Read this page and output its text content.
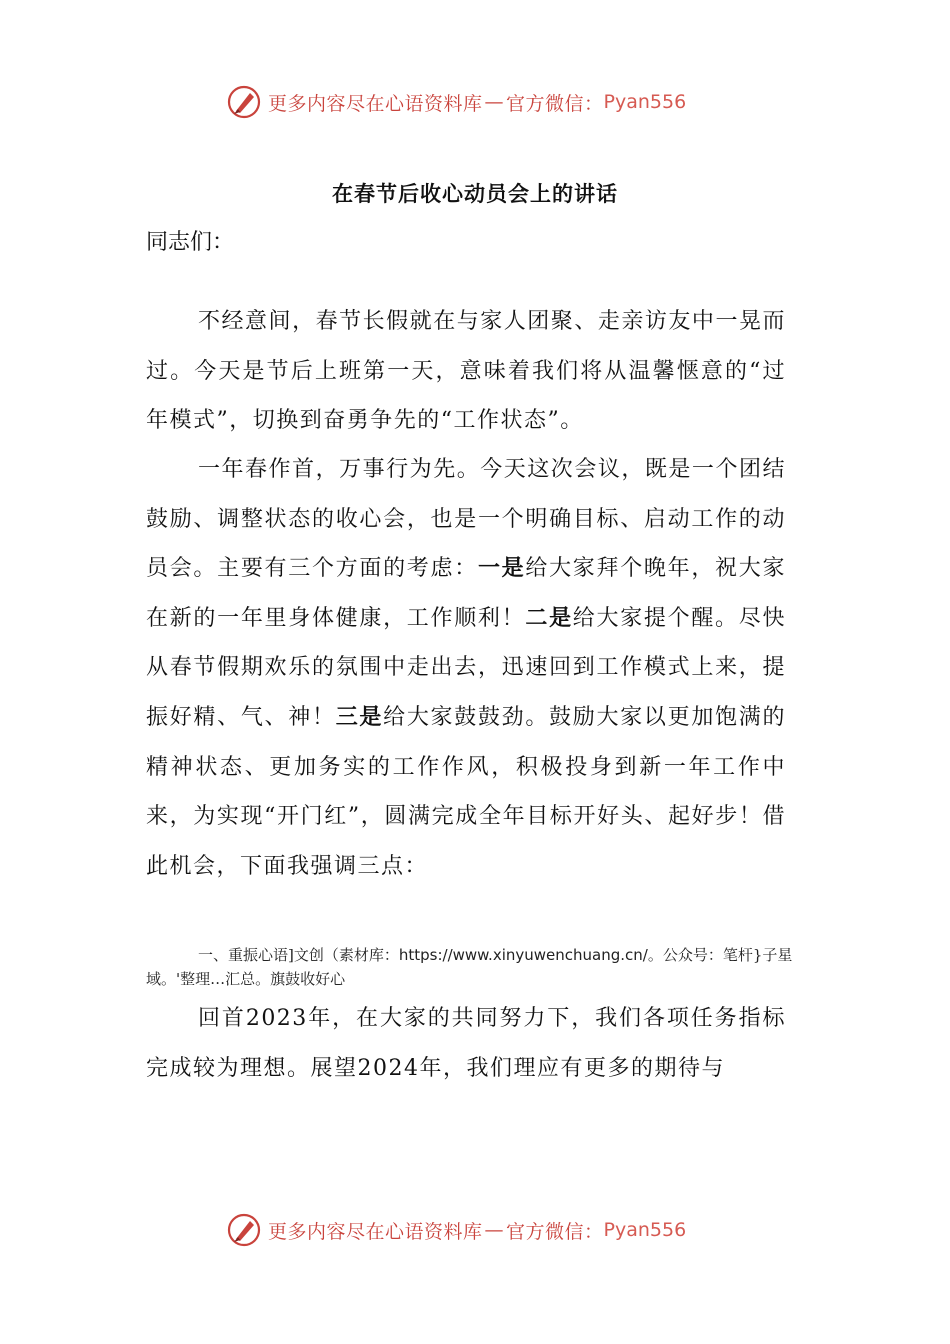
更多内容尽在心语资料库 — 官方微信： Pyan556
在春节后收心动员会上的讲话
同志们：
不经意间，春节长假就在与家人团聚、走亲访友中一晃而过。今天是节后上班第一天，意味着我们将从温馨惬意的“过年模式”，切换到奋勇争先的“工作状态”。
一年春作首，万事行为先。今天这次会议，既是一个团结鼓励、调整状态的收心会，也是一个明确目标、启动工作的动员会。主要有三个方面的考虑：一是给大家拜个晚年，祝大家在新的一年里身体健康，工作顺利！二是给大家提个醒。尽快从春节假期欢乐的氛围中走出去，迅速回到工作模式上来，提振好精、气、神！三是给大家鼓鼓劲。鼓励大家以更加饱满的精神状态、更加务实的工作作风，积极投身到新一年工作中来，为实现“开门红”，圆满完成全年目标开好头、起好步！借此机会，下面我强调三点：
一、重振心语]文创（素材库：https://www.xinyuwenchuang.cn/。公众号：笔杆}子星域。'整理…汇总。旗鼓收好心
回首2023年，在大家的共同努力下，我们各项任务指标完成较为理想。展望2024年，我们理应有更多的期待与
更多内容尽在心语资料库 — 官方微信： Pyan556
